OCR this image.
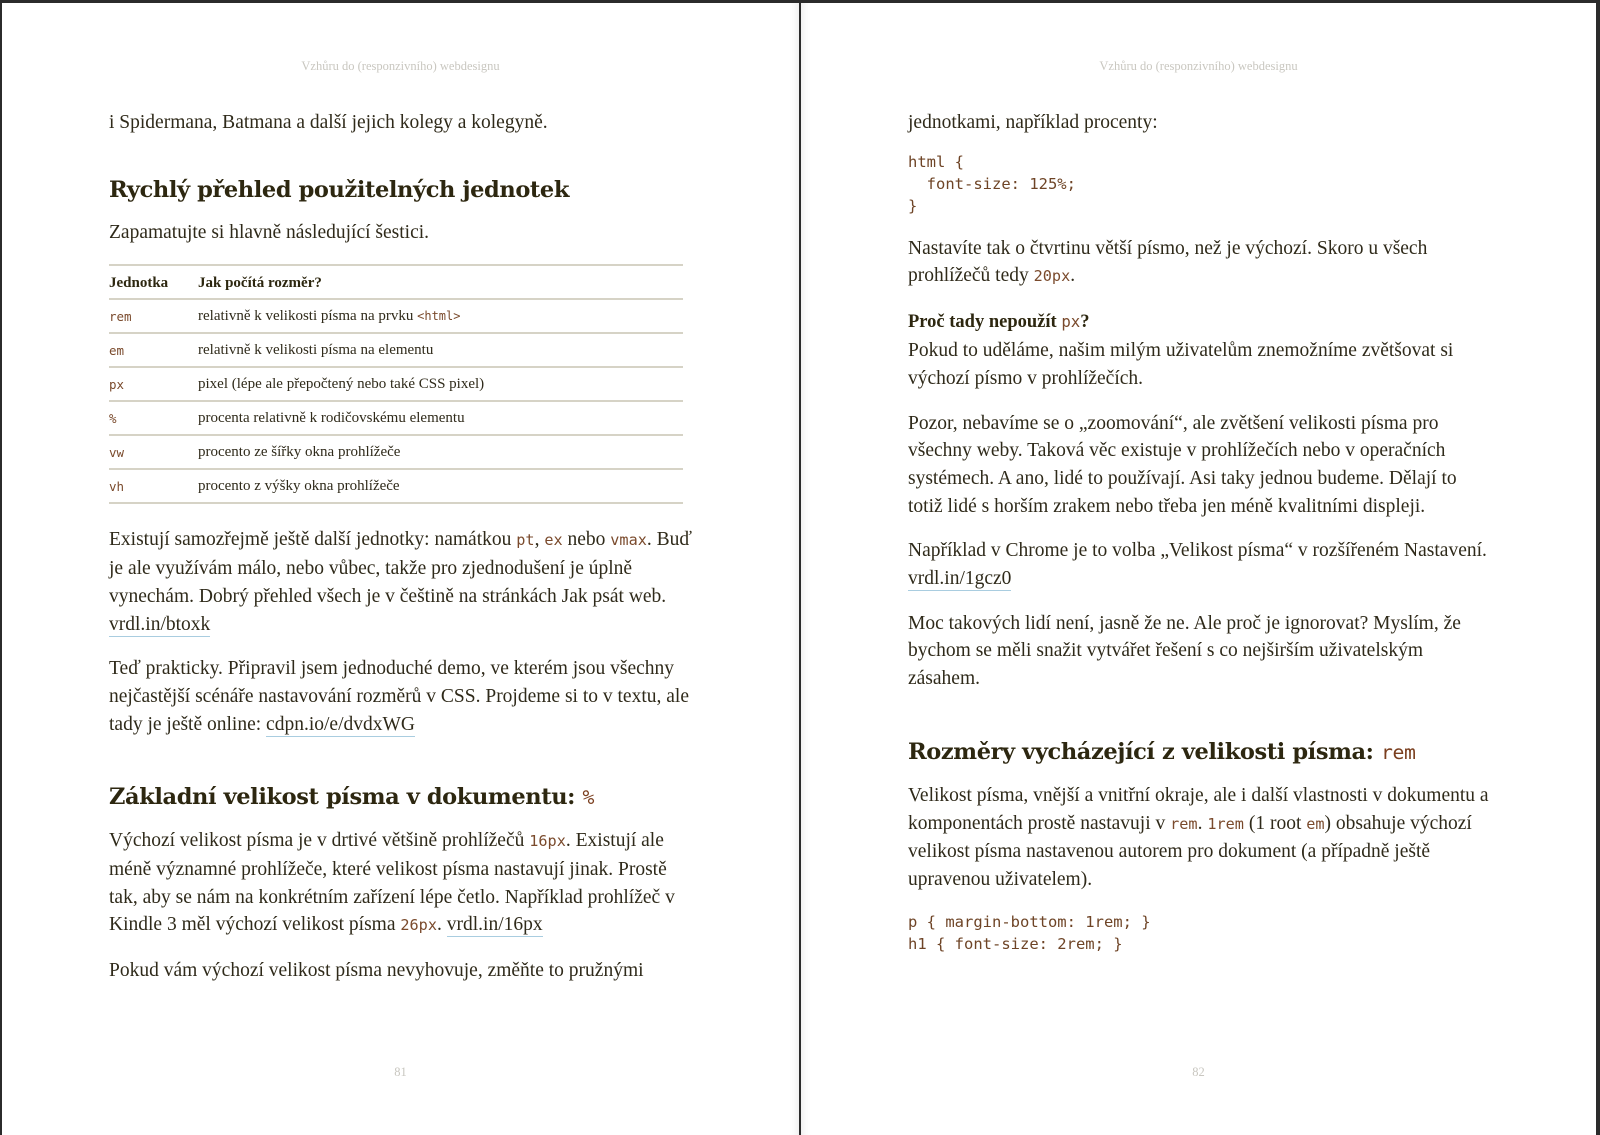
Vzhůru do (responzivního) webdesignu

i Spidermana, Batmana a další jejich kolegy a kolegyně.

Rychlý přehled použitelných jednotek

Zapamatujte si hlavně následující šestici.

Jednotka	Jak počítá rozměr?
rem	relativně k velikosti písma na prvku <html>
em	relativně k velikosti písma na elementu
px	pixel (lépe ale přepočtený nebo také CSS pixel)
%	procenta relativně k rodičovskému elementu
vw	procento ze šířky okna prohlížeče
vh	procento z výšky okna prohlížeče

Existují samozřejmě ještě další jednotky: namátkou pt, ex nebo vmax. Buď je ale využívám málo, nebo vůbec, takže pro zjednodušení je úplně vynechám. Dobrý přehled všech je v češtině na stránkách Jak psát web. vrdl.in/btoxk

Teď prakticky. Připravil jsem jednoduché demo, ve kterém jsou všechny nejčastější scénáře nastavování rozměrů v CSS. Projdeme si to v textu, ale tady je ještě online: cdpn.io/e/dvdxWG

Základní velikost písma v dokumentu: %

Výchozí velikost písma je v drtivé většině prohlížečů 16px. Existují ale méně významné prohlížeče, které velikost písma nastavují jinak. Prostě tak, aby se nám na konkrétním zařízení lépe četlo. Například prohlížeč v Kindle 3 měl výchozí velikost písma 26px. vrdl.in/16px

Pokud vám výchozí velikost písma nevyhovuje, změňte to pružnými

81
Vzhůru do (responzivního) webdesignu

jednotkami, například procenty:

html {
font-size: 125%;
}

Nastavíte tak o čtvrtinu větší písmo, než je výchozí. Skoro u všech prohlížečů tedy 20px.

Proč tady nepoužít px?

Pokud to uděláme, našim milým uživatelům znemožníme zvětšovat si výchozí písmo v prohlížečích.

Pozor, nebavíme se o „zoomování“, ale zvětšení velikosti písma pro všechny weby. Taková věc existuje v prohlížečích nebo v operačních systémech. A ano, lidé to používají. Asi taky jednou budeme. Dělají to totiž lidé s horším zrakem nebo třeba jen méně kvalitními displeji.

Například v Chrome je to volba „Velikost písma“ v rozšířeném Nastavení. vrdl.in/1gcz0

Moc takových lidí není, jasně že ne. Ale proč je ignorovat? Myslím, že bychom se měli snažit vytvářet řešení s co nejširším uživatelským zásahem.

Rozměry vycházející z velikosti písma: rem

Velikost písma, vnější a vnitřní okraje, ale i další vlastnosti v dokumentu a komponentách prostě nastavuji v rem. 1rem (1 root em) obsahuje výchozí velikost písma nastavenou autorem pro dokument (a případně ještě upravenou uživatelem).

p { margin-bottom: 1rem; }
h1 { font-size: 2rem; }
82
